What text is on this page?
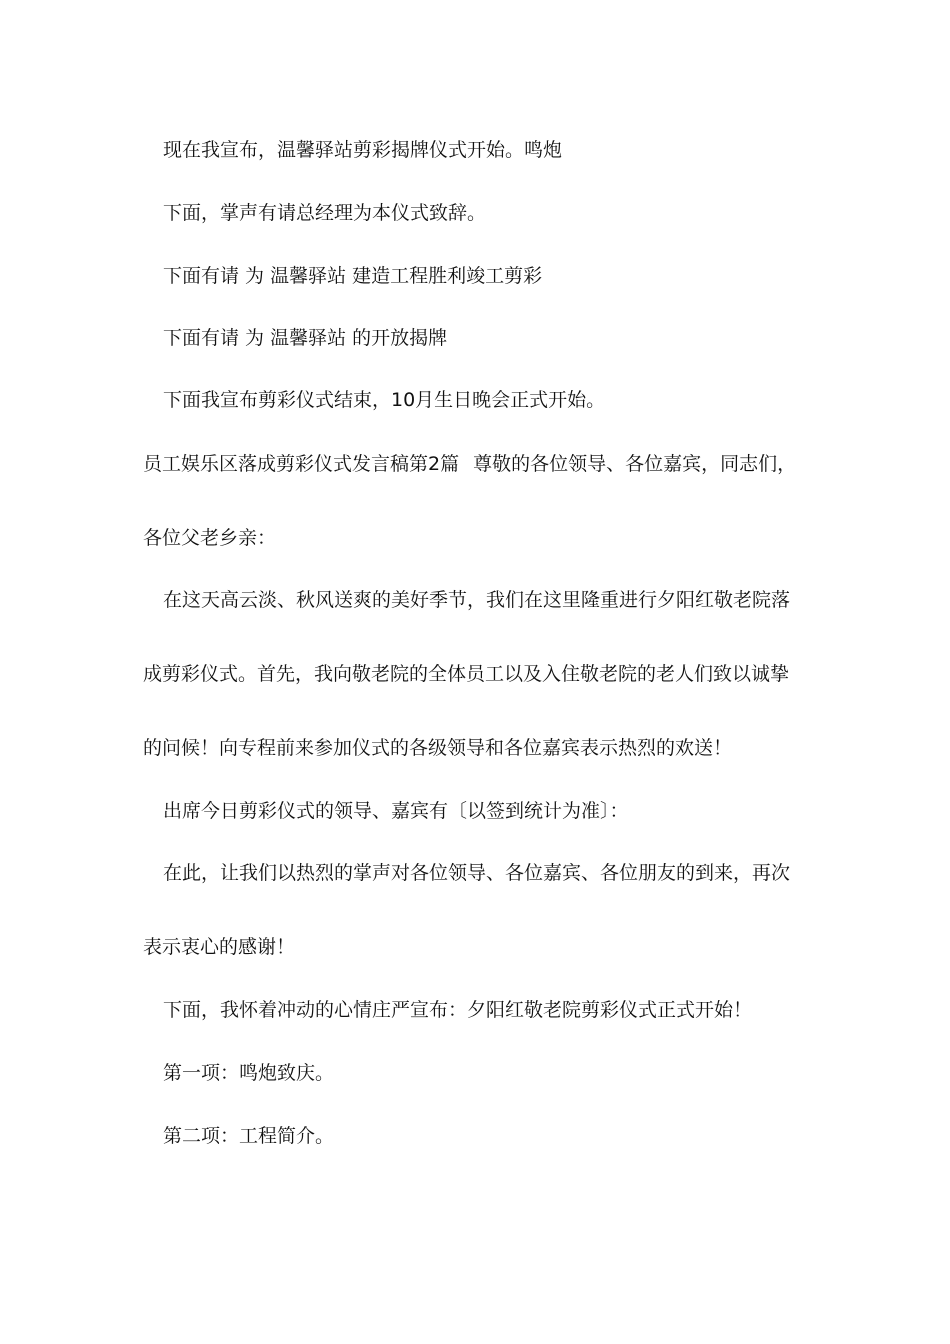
现在我宣布，温馨驿站剪彩揭牌仪式开始。鸣炮

下面，掌声有请总经理为本仪式致辞。

下面有请 为 温馨驿站 建造工程胜利竣工剪彩

下面有请 为 温馨驿站 的开放揭牌

下面我宣布剪彩仪式结束，10月生日晚会正式开始。

员工娱乐区落成剪彩仪式发言稿第2篇 尊敬的各位领导、各位嘉宾，同志们，

各位父老乡亲：

在这天高云淡、秋风送爽的美好季节，我们在这里隆重进行夕阳红敬老院落

成剪彩仪式。首先，我向敬老院的全体员工以及入住敬老院的老人们致以诚挚

的问候！向专程前来参加仪式的各级领导和各位嘉宾表示热烈的欢送！

出席今日剪彩仪式的领导、嘉宾有〔以签到统计为准〕：

在此，让我们以热烈的掌声对各位领导、各位嘉宾、各位朋友的到来，再次

表示衷心的感谢！

下面，我怀着冲动的心情庄严宣布：夕阳红敬老院剪彩仪式正式开始！

第一项：鸣炮致庆。

第二项：工程简介。
